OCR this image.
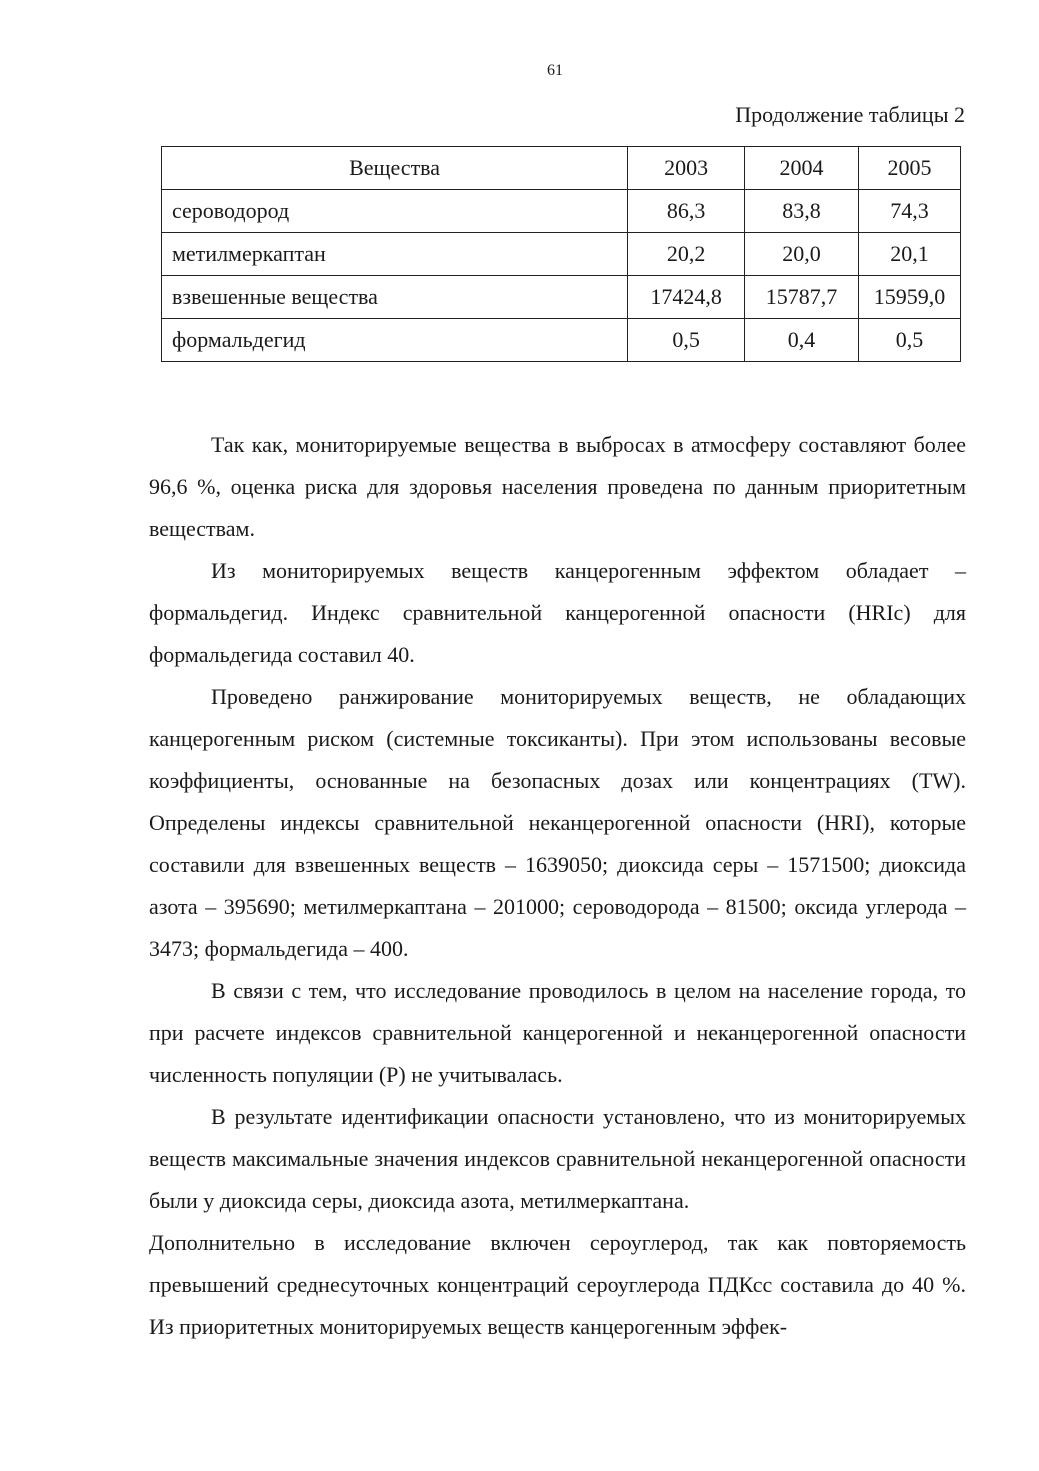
61
Продолжение таблицы 2
Вещества	2003	2004	2005
сероводород	86,3	83,8	74,3
метилмеркаптан	20,2	20,0	20,1
взвешенные вещества	17424,8	15787,7	15959,0
формальдегид	0,5	0,4	0,5

Так как, мониторируемые вещества в выбросах в атмосферу составляют более 96,6 %, оценка риска для здоровья населения проведена по данным приоритетным веществам.

Из мониторируемых веществ канцерогенным эффектом обладает – формальдегид. Индекс сравнительной канцерогенной опасности (HRIc) для формальдегида составил 40.

Проведено ранжирование мониторируемых веществ, не обладающих канцерогенным риском (системные токсиканты). При этом использованы весовые коэффициенты, основанные на безопасных дозах или концентрациях (TW). Определены индексы сравнительной неканцерогенной опасности (HRI), которые составили для взвешенных веществ – 1639050; диоксида серы – 1571500; диоксида азота – 395690; метилмеркаптана – 201000; сероводорода – 81500; оксида углерода – 3473; формальдегида – 400.

В связи с тем, что исследование проводилось в целом на население города, то при расчете индексов сравнительной канцерогенной и неканцерогенной опасности численность популяции (P) не учитывалась.

В результате идентификации опасности установлено, что из мониторируемых веществ максимальные значения индексов сравнительной неканцерогенной опасности были у диоксида серы, диоксида азота, метилмеркаптана.

Дополнительно в исследование включен сероуглерод, так как повторяемость превышений среднесуточных концентраций сероуглерода ПДКсс составила до 40 %. Из приоритетных мониторируемых веществ канцерогенным эффек-
